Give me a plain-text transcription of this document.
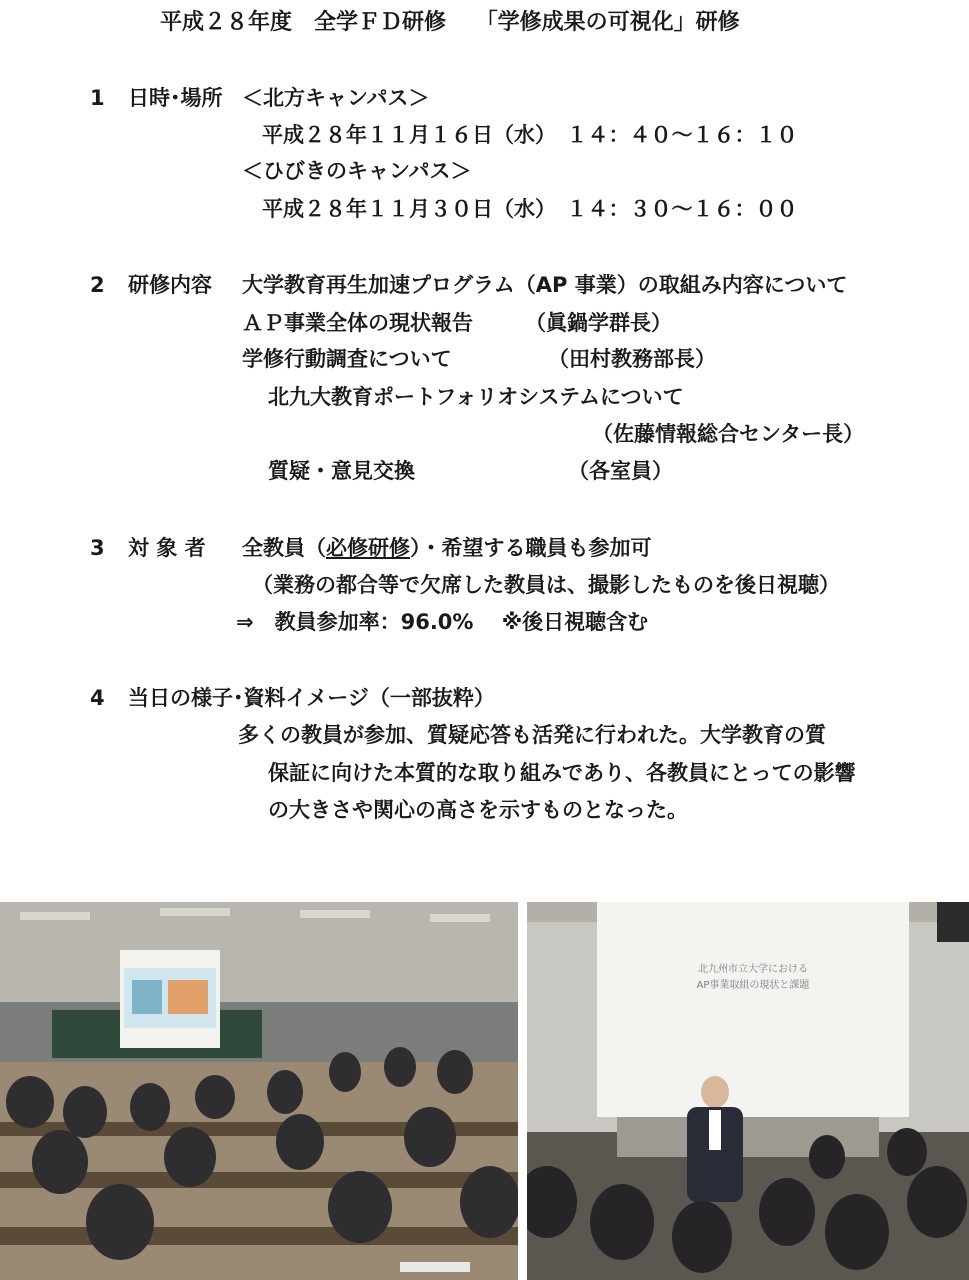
平成２８年度　全学ＦＤ研修　 「学修成果の可視化」研修
1 日時･場所 ＜北方キャンパス＞
平成２８年１１月１６日（水）　１４：４０～１６：１０
＜ひびきのキャンパス＞
平成２８年１１月３０日（水）　１４：３０～１６：００
2 研修内容 大学教育再生加速プログラム（AP 事業）の取組み内容について
ＡＰ事業全体の現状報告 （眞鍋学群長）
学修行動調査について	（田村教務部長）
北九大教育ポートフォリオシステムについて
（佐藤情報総合センター長）
質疑・意見交換	（各室員）
3 対 象 者 全教員（必修研修）・希望する職員も参加可
（業務の都合等で欠席した教員は、撮影したものを後日視聴）
⇒　教員参加率：96.0%　 ※後日視聴含む
4 当日の様子･資料イメージ（一部抜粋）
多くの教員が参加、質疑応答も活発に行われた。大学教育の質
保証に向けた本質的な取り組みであり、各教員にとっての影響
の大きさや関心の高さを示すものとなった。
北九州市立大学における
AP事業取組の現状と課題
